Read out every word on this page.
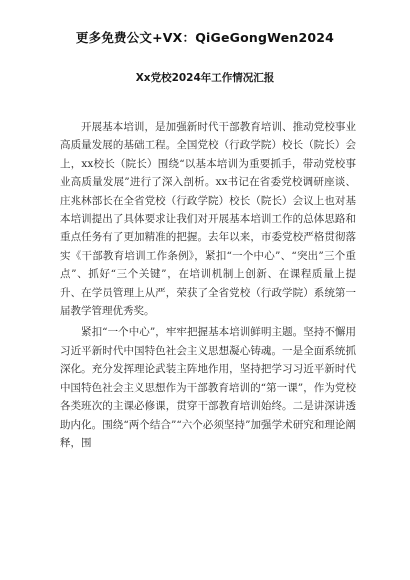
更多免费公文+VX：QiGeGongWen2024
Xx党校2024年工作情况汇报

开展基本培训，是加强新时代干部教育培训、推动党校事业高质量发展的基础工程。全国党校（行政学院）校长（院长）会上，xx校长（院长）围绕“以基本培训为重要抓手，带动党校事业高质量发展”进行了深入剖析。xx书记在省委党校调研座谈、庄兆林部长在全省党校（行政学院）校长（院长）会议上也对基本培训提出了具体要求让我们对开展基本培训工作的总体思路和重点任务有了更加精准的把握。去年以来，市委党校严格贯彻落实《干部教育培训工作条例》，紧扣“一个中心”、“突出”三个重点”、抓好“三个关键”，在培训机制上创新、在课程质量上提升、在学员管理上从严，荣获了全省党校（行政学院）系统第一届教学管理优秀奖。

紧扣“一个中心”，牢牢把握基本培训鲜明主题。坚持不懈用习近平新时代中国特色社会主义思想凝心铸魂。一是全面系统抓深化。充分发挥理论武装主阵地作用，坚持把学习习近平新时代中国特色社会主义思想作为干部教育培训的“第一课”，作为党校各类班次的主课必修课，贯穿干部教育培训始终。二是讲深讲透助内化。围绕“两个结合”“六个必须坚持”加强学术研究和理论阐释，围
